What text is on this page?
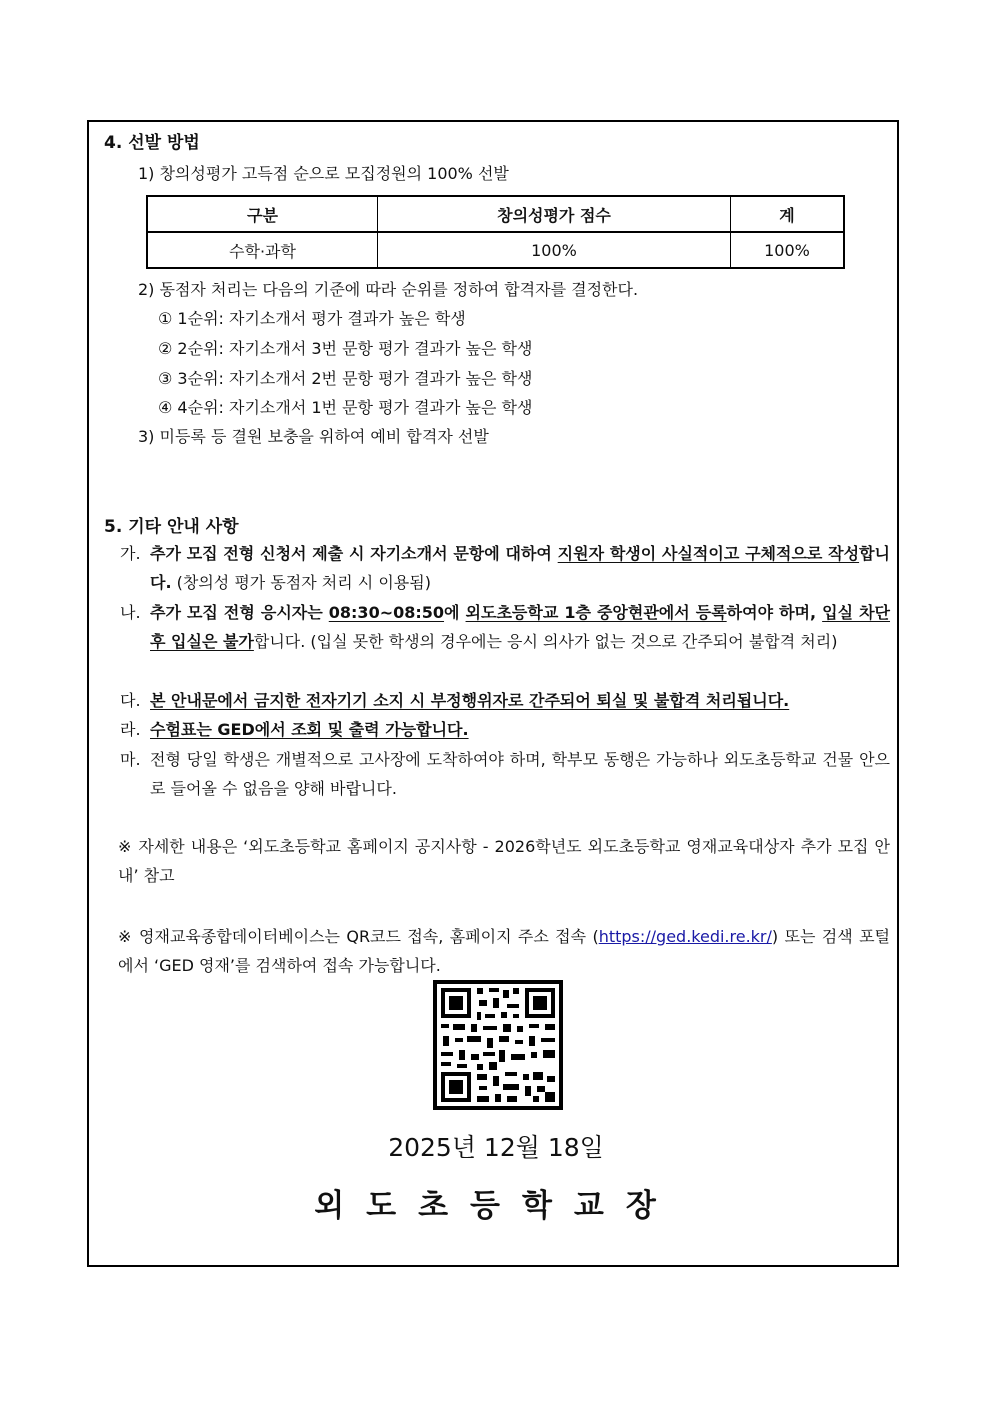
4. 선발 방법
1) 창의성평가 고득점 순으로 모집정원의 100% 선발
구분	창의성평가 점수	계
수학·과학	100%	100%
2) 동점자 처리는 다음의 기준에 따라 순위를 정하여 합격자를 결정한다.
① 1순위: 자기소개서 평가 결과가 높은 학생
② 2순위: 자기소개서 3번 문항 평가 결과가 높은 학생
③ 3순위: 자기소개서 2번 문항 평가 결과가 높은 학생
④ 4순위: 자기소개서 1번 문항 평가 결과가 높은 학생
3) 미등록 등 결원 보충을 위하여 예비 합격자 선발
5. 기타 안내 사항
가. 추가 모집 전형 신청서 제출 시 자기소개서 문항에 대하여 지원자 학생이 사실적이고 구체적으로 작성합니다. (창의성 평가 동점자 처리 시 이용됨)
나. 추가 모집 전형 응시자는 08:30~08:50에 외도초등학교 1층 중앙현관에서 등록하여야 하며, 입실 차단 후 입실은 불가합니다. (입실 못한 학생의 경우에는 응시 의사가 없는 것으로 간주되어 불합격 처리)
다. 본 안내문에서 금지한 전자기기 소지 시 부정행위자로 간주되어 퇴실 및 불합격 처리됩니다.
라. 수험표는 GED에서 조회 및 출력 가능합니다.
마. 전형 당일 학생은 개별적으로 고사장에 도착하여야 하며, 학부모 동행은 가능하나 외도초등학교 건물 안으로 들어올 수 없음을 양해 바랍니다.
※ 자세한 내용은 ‘외도초등학교 홈페이지 공지사항 - 2026학년도 외도초등학교 영재교육대상자 추가 모집 안내’ 참고
※ 영재교육종합데이터베이스는 QR코드 접속, 홈페이지 주소 접속 (https://ged.kedi.re.kr/) 또는 검색 포털에서 ‘GED 영재’를 검색하여 접속 가능합니다.
2025년 12월 18일
외도초등학교장
